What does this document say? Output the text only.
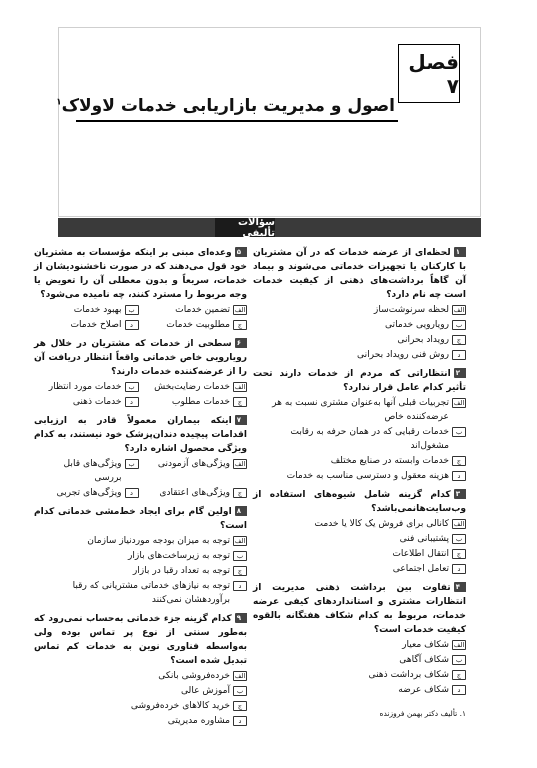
فصل ۷
اصول و مدیریت بازاریابی خدمات لاولاک$^۱$
سؤالات تألیفی
۱لحظه‌ای از عرضه خدمات که در آن مشتریان با کارکنان یا تجهیزات خدماتی می‌شوند و بیماد آن گاهاً برداشت‌های ذهنی از کیفیت خدمات است چه نام دارد؟
الف
لحظه سرنوشت‌ساز
ب
رویارویی خدماتی
ج
رویداد بحرانی
د
روش فنی رویداد بحرانی
۲انتظاراتی که مردم از خدمات دارند تحت تأثیر کدام عامل قرار ندارد؟
الف
تجربیات قبلی آنها به‌عنوان مشتری نسبت به هر عرضه‌کننده خاص
ب
خدمات رقبایی که در همان حرفه به رقابت مشغول‌اند
ج
خدمات وابسته در صنایع مختلف
د
هزینه معقول و دسترسی مناسب به خدمات
۳کدام گزینه شامل شیوه‌های استفاده از وب‌سایت‌هانمی‌باشد؟
الف
کانالی برای فروش یک کالا یا خدمت
ب
پشتیبانی فنی
ج
انتقال اطلاعات
د
تعامل اجتماعی
۴تفاوت بین برداشت ذهنی مدیریت از انتظارات مشتری و استانداردهای کیفی عرضه خدمات، مربوط به کدام شکاف هفتگانه بالقوه کیفیت خدمات است؟
الف
شکاف معیار
ب
شکاف آگاهی
ج
شکاف برداشت ذهنی
د
شکاف عرضه
۵وعده‌ای مبنی بر اینکه مؤسسات به مشتریان خود قول می‌دهند که در صورت ناخشنودیشان از خدمات، سریعاً و بدون معطلی آن را تعویض یا وجه مربوط را مسترد کنند، چه نامیده می‌شود؟
الف
تضمین خدمات
ب
بهبود خدمات
ج
مطلوبیت خدمات
د
اصلاح خدمات
۶سطحی از خدمات که مشتریان در خلال هر رویارویی خاص خدماتی واقعاً انتظار دریافت آن را از عرضه‌کننده خدمات دارند؟
الف
خدمات رضایت‌بخش
ب
خدمات مورد انتظار
ج
خدمات مطلوب
د
خدمات ذهنی
۷اینکه بیماران معمولاً قادر به ارزیابی اقدامات پیچیده دندان‌پزشک خود نیستند، به کدام ویژگی محصول اشاره دارد؟
الف
ویژگی‌های آزمودنی
ب
ویژگی‌های قابل بررسی
ج
ویژگی‌های اعتقادی
د
ویژگی‌های تجربی
۸اولین گام برای ایجاد خط‌مشی خدماتی کدام است؟
الف
توجه به میزان بودجه موردنیاز سازمان
ب
توجه به زیرساخت‌های بازار
ج
توجه به تعداد رقبا در بازار
د
توجه به نیازهای خدماتی مشتریانی که رقبا برآوردهشان نمی‌کنند
۹کدام گزینه جزء خدماتی به‌حساب نمی‌رود که به‌طور سنتی از نوع پر تماس بوده ولی به‌واسطه فناوری نوین به خدمات کم تماس تبدیل شده است؟
الف
خرده‌فروشی بانکی
ب
آموزش عالی
ج
خرید کالاهای خرده‌فروشی
د
مشاوره مدیریتی
۱. تألیف دکتر بهمن فروزنده
